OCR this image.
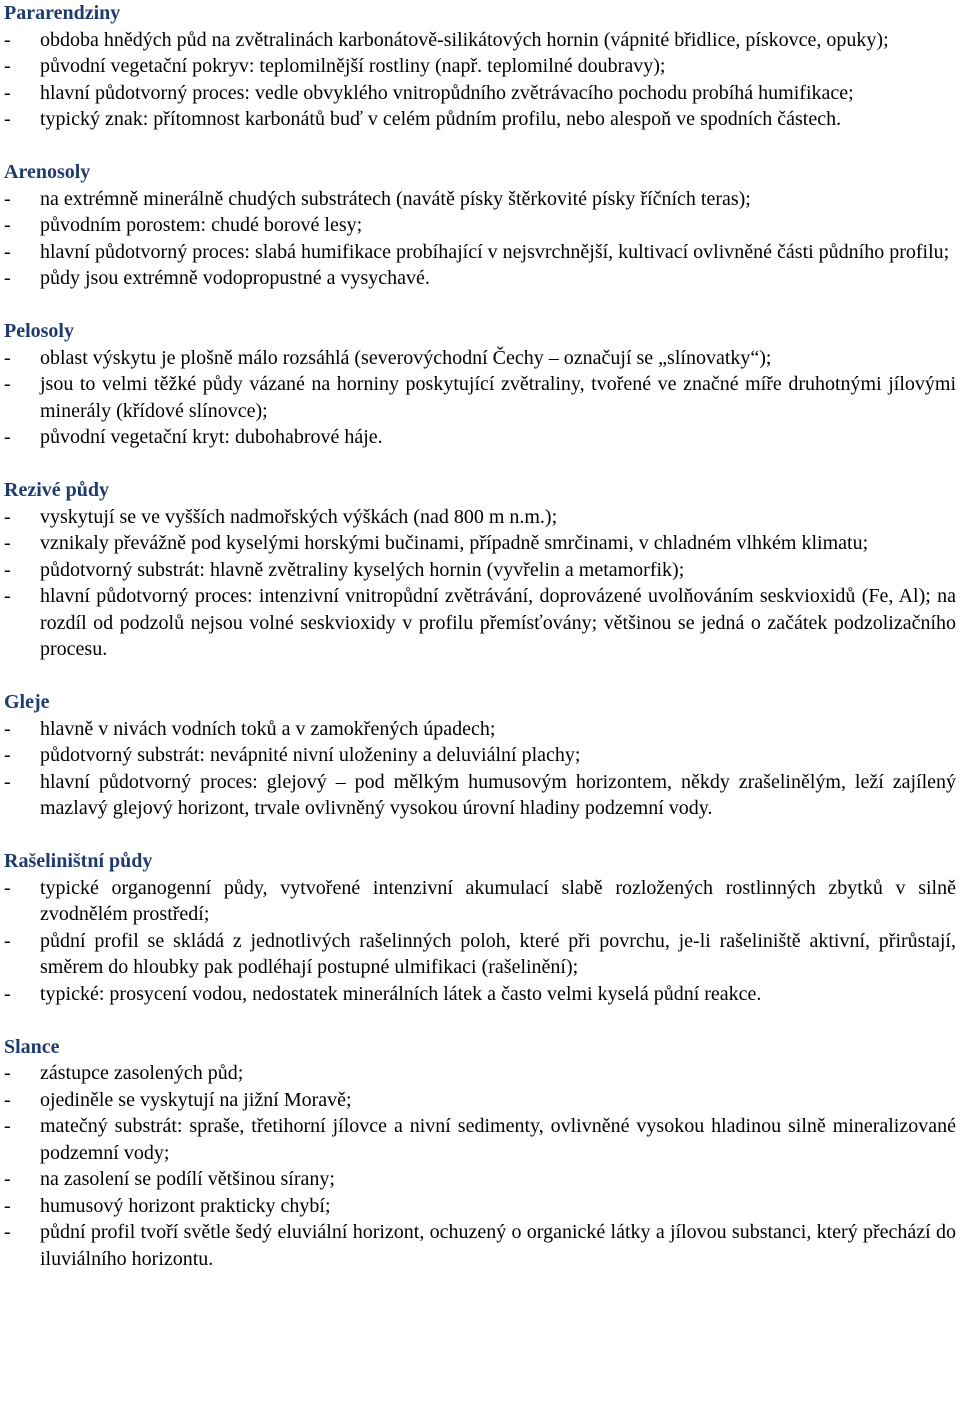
Pararendziny
- obdoba hnědých půd na zvětralinách karbonátově-silikátových hornin (vápnité břidlice, pískovce, opuky);
- původní vegetační pokryv: teplomilnější rostliny (např. teplomilné doubravy);
- hlavní půdotvorný proces: vedle obvyklého vnitropůdního zvětrávacího pochodu probíhá humifikace;
- typický znak: přítomnost karbonátů buď v celém půdním profilu, nebo alespoň ve spodních částech.
Arenosoly
- na extrémně minerálně chudých substrátech (navátě písky štěrkovité písky říčních teras);
- původním porostem: chudé borové lesy;
- hlavní půdotvorný proces: slabá humifikace probíhající v nejsvrchnější, kultivací ovlivněné části půdního profilu;
- půdy jsou extrémně vodopropustné a vysychavé.
Pelosoly
- oblast výskytu je plošně málo rozsáhlá (severovýchodní Čechy – označují se „slínovatky“);
- jsou to velmi těžké půdy vázané na horniny poskytující zvětraliny, tvořené ve značné míře druhotnými jílovými minerály (křídové slínovce);
- původní vegetační kryt: dubohabrové háje.
Rezivé půdy
- vyskytují se ve vyšších nadmořských výškách (nad 800 m n.m.);
- vznikaly převážně pod kyselými horskými bučinami, případně smrčinami, v chladném vlhkém klimatu;
- půdotvorný substrát: hlavně zvětraliny kyselých hornin (vyvřelin a metamorfik);
- hlavní půdotvorný proces: intenzivní vnitropůdní zvětrávání, doprovázené uvolňováním seskvioxidů (Fe, Al); na rozdíl od podzolů nejsou volné seskvioxidy v profilu přemísťovány; většinou se jedná o začátek podzolizačního procesu.
Gleje
- hlavně v nivách vodních toků a v zamokřených úpadech;
- půdotvorný substrát: nevápnité nivní uloženiny a deluviální plachy;
- hlavní půdotvorný proces: glejový – pod mělkým humusovým horizontem, někdy zrašelinělým, leží zajílený mazlavý glejový horizont, trvale ovlivněný vysokou úrovní hladiny podzemní vody.
Rašeliništní půdy
- typické organogenní půdy, vytvořené intenzivní akumulací slabě rozložených rostlinných zbytků v silně zvodnělém prostředí;
- půdní profil se skládá z jednotlivých rašelinných poloh, které při povrchu, je-li rašeliniště aktivní, přirůstají, směrem do hloubky pak podléhají postupné ulmifikaci (rašelinění);
- typické: prosycení vodou, nedostatek minerálních látek a často velmi kyselá půdní reakce.
Slance
- zástupce zasolených půd;
- ojediněle se vyskytují na jižní Moravě;
- matečný substrát: spraše, třetihorní jílovce a nivní sedimenty, ovlivněné vysokou hladinou silně mineralizované podzemní vody;
- na zasolení se podílí většinou sírany;
- humusový horizont prakticky chybí;
- půdní profil tvoří světle šedý eluviální horizont, ochuzený o organické látky a jílovou substanci, který přechází do iluviálního horizontu.
